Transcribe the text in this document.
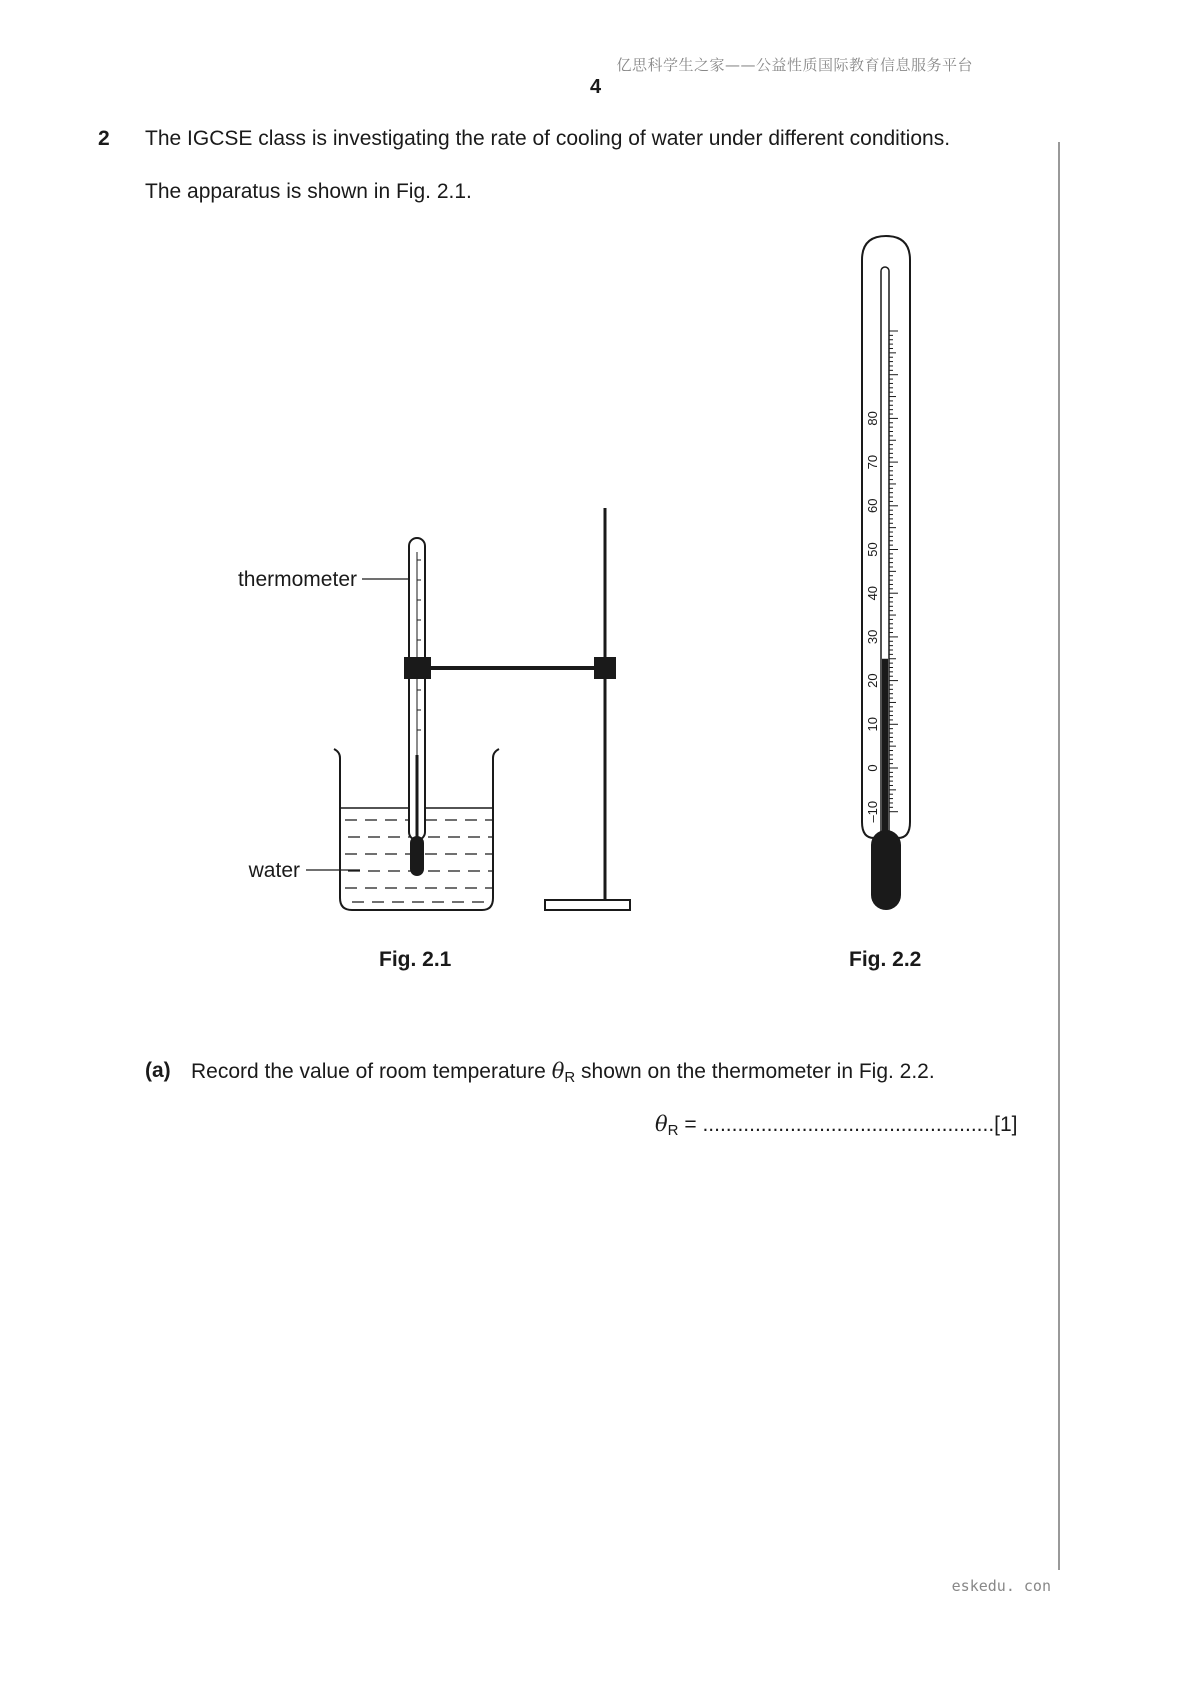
亿思科学生之家——公益性质国际教育信息服务平台
4
2 The IGCSE class is investigating the rate of cooling of water under different conditions.
The apparatus is shown in Fig. 2.1.
thermometer
water
–10
0
10
20
30
40
50
60
70
80
Fig. 2.1	Fig. 2.2
(a) Record the value of room temperature $\theta_R$ shown on the thermometer in Fig. 2.2.
$\theta_R = ..................................................[1]$
eskedu. con
